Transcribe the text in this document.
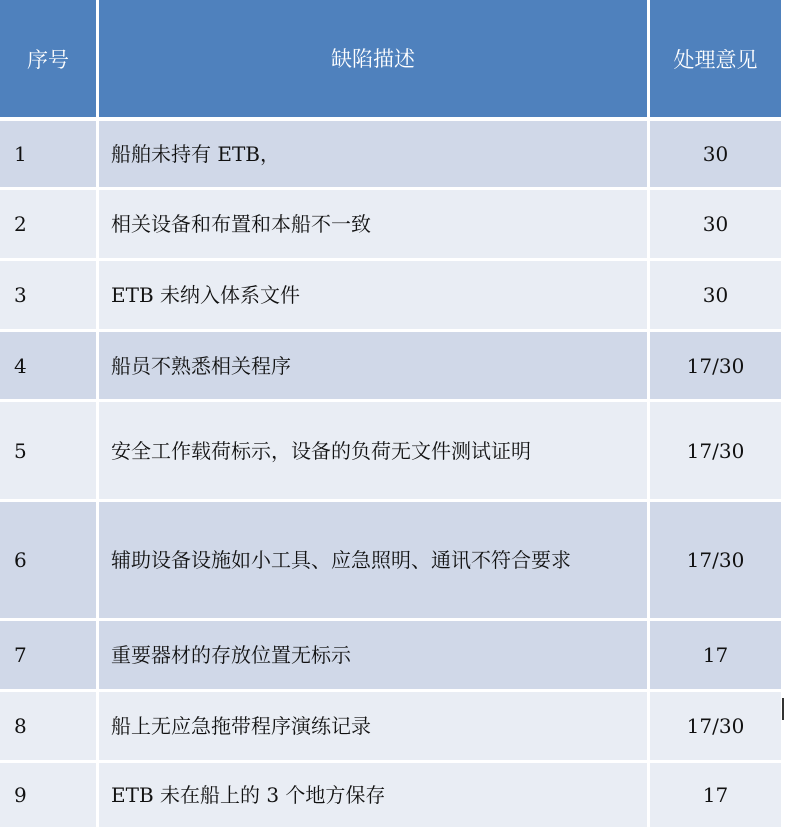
序号	缺陷描述	处理意见
1	船舶未持有 ETB，	30
2	相关设备和布置和本船不一致	30
3	ETB 未纳入体系文件	30
4	船员不熟悉相关程序	17/30
5	安全工作载荷标示，设备的负荷无文件测试证明	17/30
6	辅助设备设施如小工具、应急照明、通讯不符合要求	17/30
7	重要器材的存放位置无标示	17
8	船上无应急拖带程序演练记录	17/30
9	ETB 未在船上的 3 个地方保存	17
